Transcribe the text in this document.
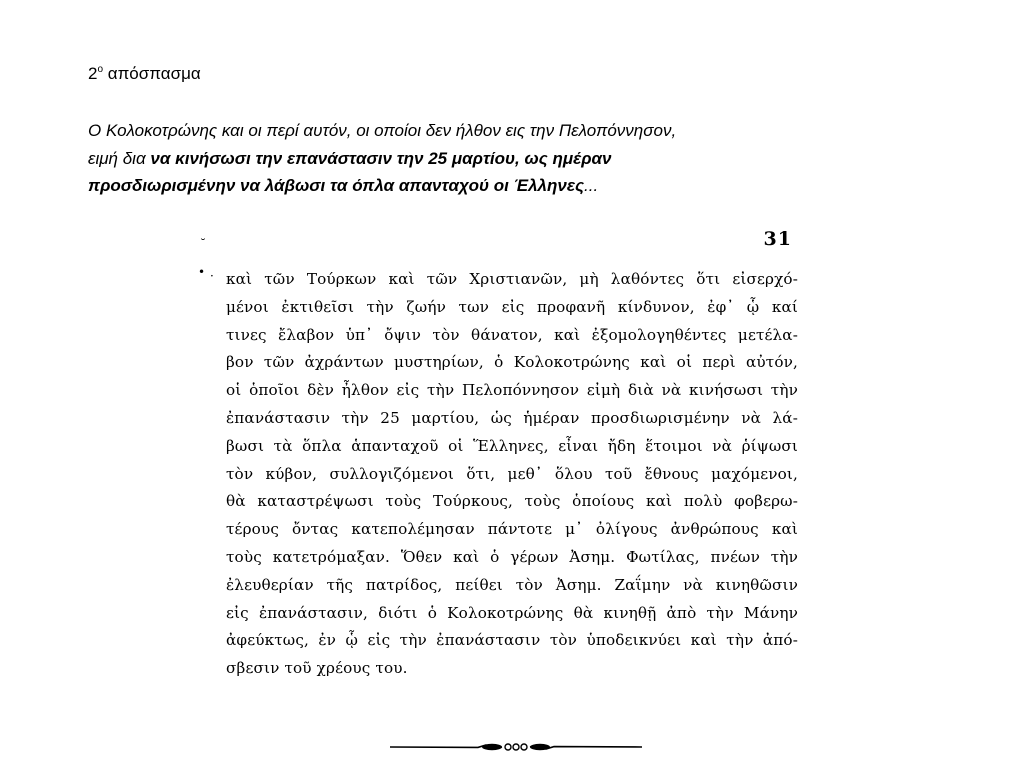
$2^o$ απόσπασμα
Ο Κολοκοτρώνης και οι περί αυτόν, οι οποίοι δεν ήλθον εις την Πελοπόννησον,
ειμή δια να κινήσωσι την επανάστασιν την 25 μαρτίου, ως ημέραν
προσδιωρισμένην να λάβωσι τα όπλα απανταχού οι Έλληνες...
31
˘
• · καὶ τῶν Τούρκων καὶ τῶν Χριστιανῶν, μὴ λαθόντες ὅτι εἰσερχό-
μένοι ἐκτιθεῖσι τὴν ζωήν των εἰς προφανῆ κίνδυνον, ἐφ᾽ ᾧ καί
τινες ἔλαβον ὑπ᾽ ὄψιν τὸν θάνατον, καὶ ἐξομολογηθέντες μετέλα-
βον τῶν ἀχράντων μυστηρίων, ὁ Κολοκοτρώνης καὶ οἱ περὶ αὐτόν,
οἱ ὁποῖοι δὲν ἦλθον εἰς τὴν Πελοπόννησον εἰμὴ διὰ νὰ κινήσωσι τὴν
ἐπανάστασιν τὴν 25 μαρτίου, ὡς ἡμέραν προσδιωρισμένην νὰ λά-
βωσι τὰ ὅπλα ἁπανταχοῦ οἱ Ἕλληνες, εἶναι ἤδη ἕτοιμοι νὰ ῥίψωσι
τὸν κύβον, συλλογιζόμενοι ὅτι, μεθ᾽ ὅλου τοῦ ἔθνους μαχόμενοι,
θὰ καταστρέψωσι τοὺς Τούρκους, τοὺς ὁποίους καὶ πολὺ φοβερω-
τέρους ὄντας κατεπολέμησαν πάντοτε μ᾽ ὀλίγους ἀνθρώπους καὶ
τοὺς κατετρόμαξαν. Ὅθεν καὶ ὁ γέρων Ἀσημ. Φωτίλας, πνέων τὴν
ἐλευθερίαν τῆς πατρίδος, πείθει τὸν Ἀσημ. Ζαΐμην νὰ κινηθῶσιν
εἰς ἐπανάστασιν, διότι ὁ Κολοκοτρώνης θὰ κινηθῇ ἀπὸ τὴν Μάνην
ἀφεύκτως, ἐν ᾧ εἰς τὴν ἐπανάστασιν τὸν ὑποδεικνύει καὶ τὴν ἀπό-
σβεσιν τοῦ χρέους του.
